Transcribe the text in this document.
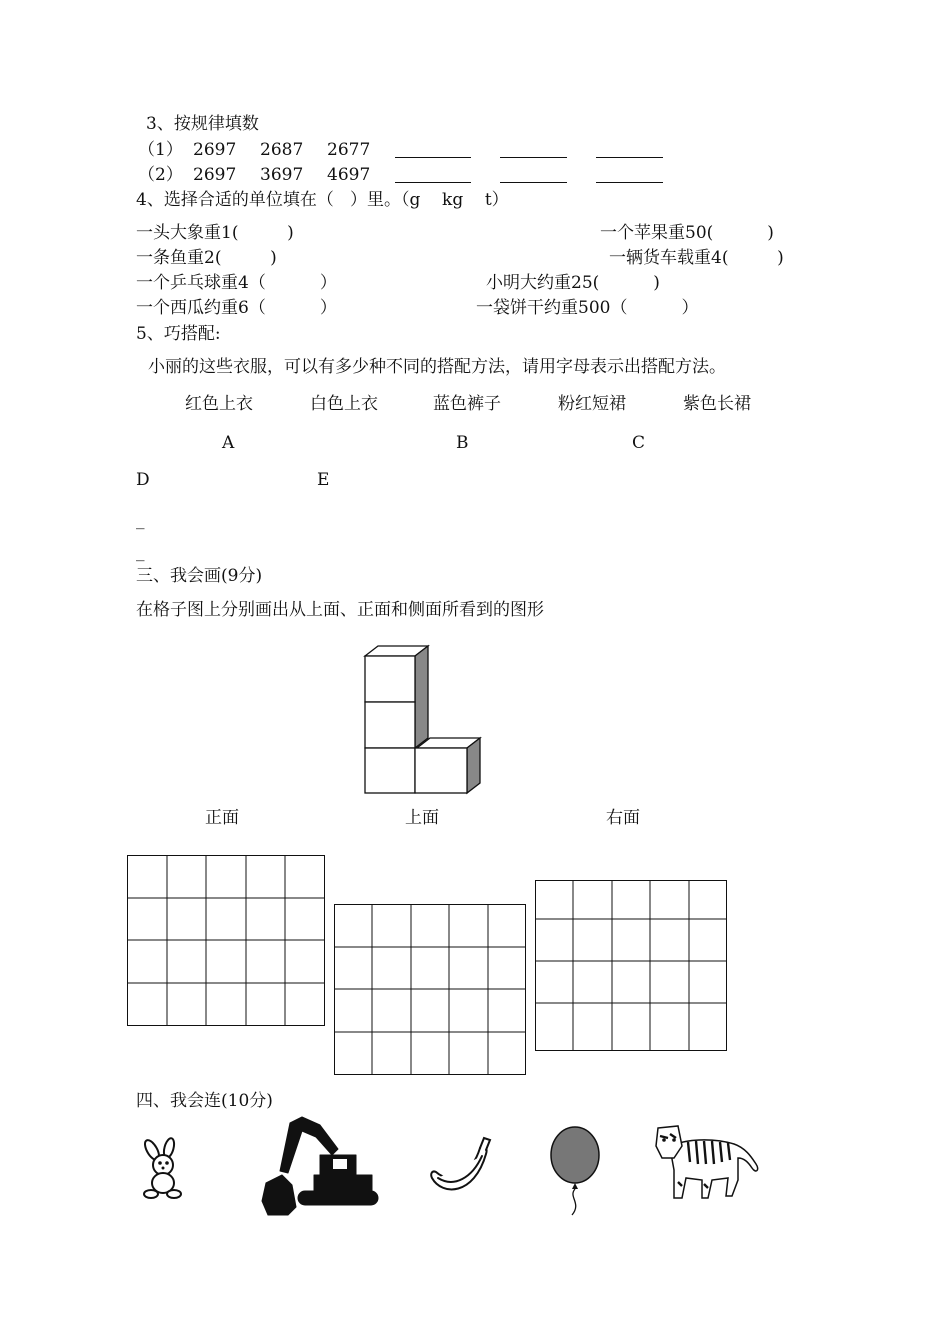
3、按规律填数
（1） 2697 2687 2677
（2） 2697 3697 4697
4、选择合适的单位填在（   ）里。（g    kg    t）
一头大象重1(         )	一个苹果重50(          )
一条鱼重2(         )	一辆货车载重4(         )
一个乒乓球重4（          ）	小明大约重25(          )
一个西瓜约重6（          ）	一袋饼干约重500（          ）
5、巧搭配:
小丽的这些衣服，可以有多少种不同的搭配方法，请用字母表示出搭配方法。
红色上衣	白色上衣	蓝色裤子	粉红短裙	紫色长裙
A	B	C
D	E
_
_
三、我会画(9分)
在格子图上分别画出从上面、正面和侧面所看到的图形
正面	上面	右面
四、我会连(10分)
